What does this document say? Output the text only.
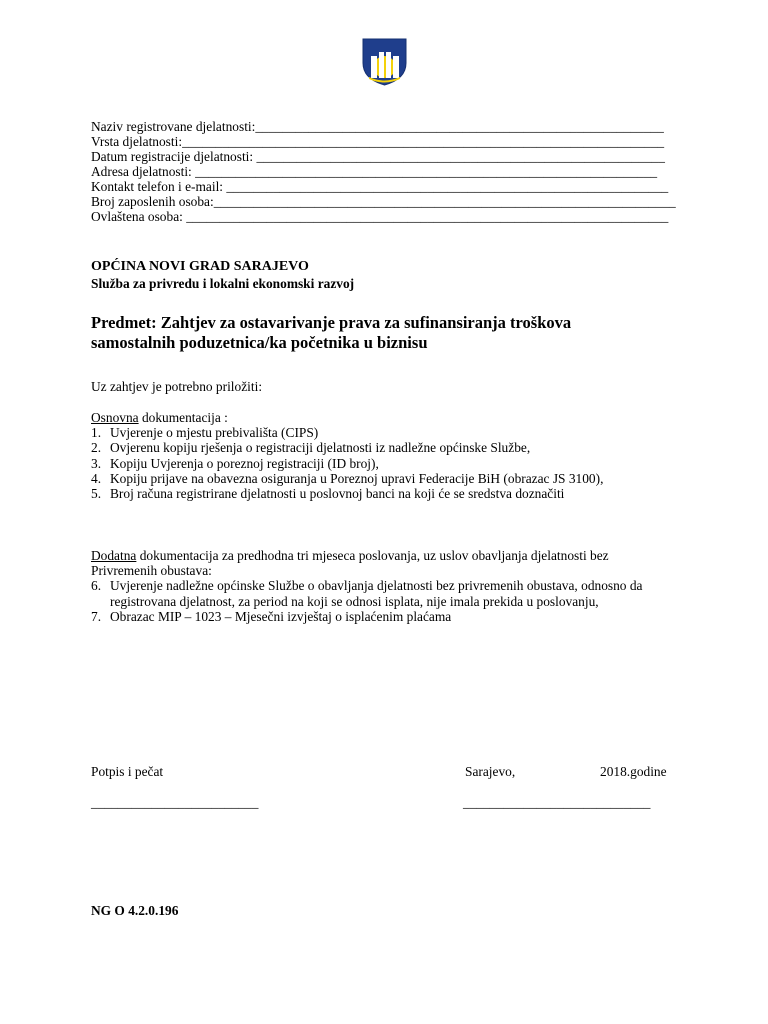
Naziv registrovane djelatnosti:_____________________________________________________________
Vrsta djelatnosti:________________________________________________________________________
Datum registracije djelatnosti: _____________________________________________________________
Adresa djelatnosti: _____________________________________________________________________
Kontakt telefon i e-mail: __________________________________________________________________
Broj zaposlenih osoba:_____________________________________________________________________
Ovlaštena osoba: ________________________________________________________________________
OPĆINA NOVI GRAD SARAJEVO
Služba za privredu i lokalni ekonomski razvoj
Predmet: Zahtjev za ostavarivanje prava za sufinansiranja troškova
samostalnih poduzetnica/ka početnika u biznisu
Uz zahtjev je potrebno priložiti:
Osnovna dokumentacija :
1. Uvjerenje o mjestu prebivališta (CIPS)
2. Ovjerenu kopiju rješenja o registraciji djelatnosti iz nadležne općinske Službe,
3. Kopiju Uvjerenja o poreznoj registraciji (ID broj),
4. Kopiju prijave na obavezna osiguranja u Poreznoj upravi Federacije BiH (obrazac JS 3100),
5. Broj računa registrirane djelatnosti u poslovnoj banci na koji će se sredstva doznačiti
Dodatna dokumentacija za predhodna tri mjeseca poslovanja, uz uslov obavljanja djelatnosti bez
Privremenih obustava:
6. Uvjerenje nadležne općinske Službe o obavljanja djelatnosti bez privremenih obustava, odnosno da
registrovana djelatnost, za period na koji se odnosi isplata, nije imala prekida u poslovanju,
7. Obrazac MIP – 1023 – Mjesečni izvještaj o isplaćenim plaćama
Potpis i pečat	Sarajevo,	2018.godine
_________________________	____________________________
NG O 4.2.0.196
